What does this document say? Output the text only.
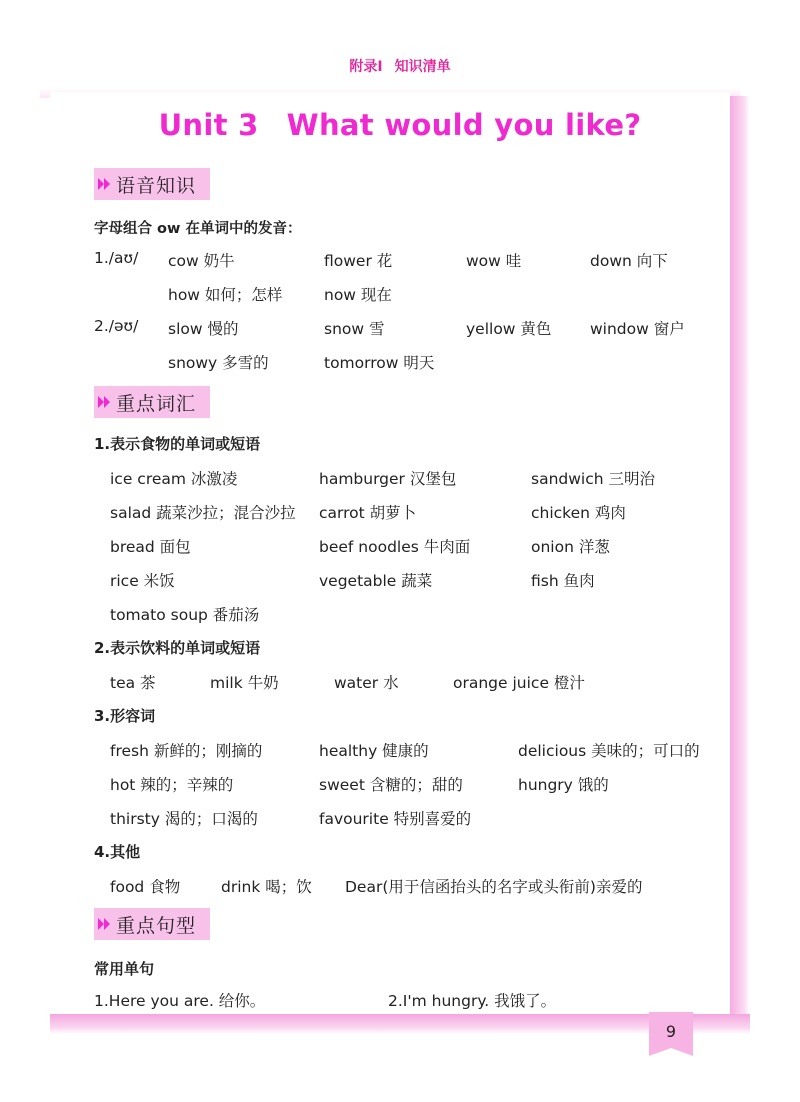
附录Ⅰ 知识清单
Unit 3 What would you like?
语音知识
字母组合 ow 在单词中的发音：
1./aʊ/ cow 奶牛	flower 花	wow 哇	down 向下
how 如何；怎样	now 现在
2./əʊ/ slow 慢的	snow 雪	yellow 黄色 window 窗户
snowy 多雪的	tomorrow 明天
重点词汇
1.表示食物的单词或短语
ice cream 冰激凌	hamburger 汉堡包	sandwich 三明治
salad 蔬菜沙拉；混合沙拉 carrot 胡萝卜	chicken 鸡肉
bread 面包	beef noodles 牛肉面	onion 洋葱
rice 米饭	vegetable 蔬菜	fish 鱼肉
tomato soup 番茄汤
2.表示饮料的单词或短语
tea 茶	milk 牛奶	water 水	orange juice 橙汁
3.形容词
fresh 新鲜的；刚摘的	healthy 健康的	delicious 美味的；可口的
hot 辣的；辛辣的	sweet 含糖的；甜的	hungry 饿的
thirsty 渴的；口渴的	favourite 特别喜爱的
4.其他
food 食物	drink 喝；饮 Dear(用于信函抬头的名字或头衔前)亲爱的
重点句型
常用单句
1.Here you are. 给你。	2.I'm hungry. 我饿了。
9
